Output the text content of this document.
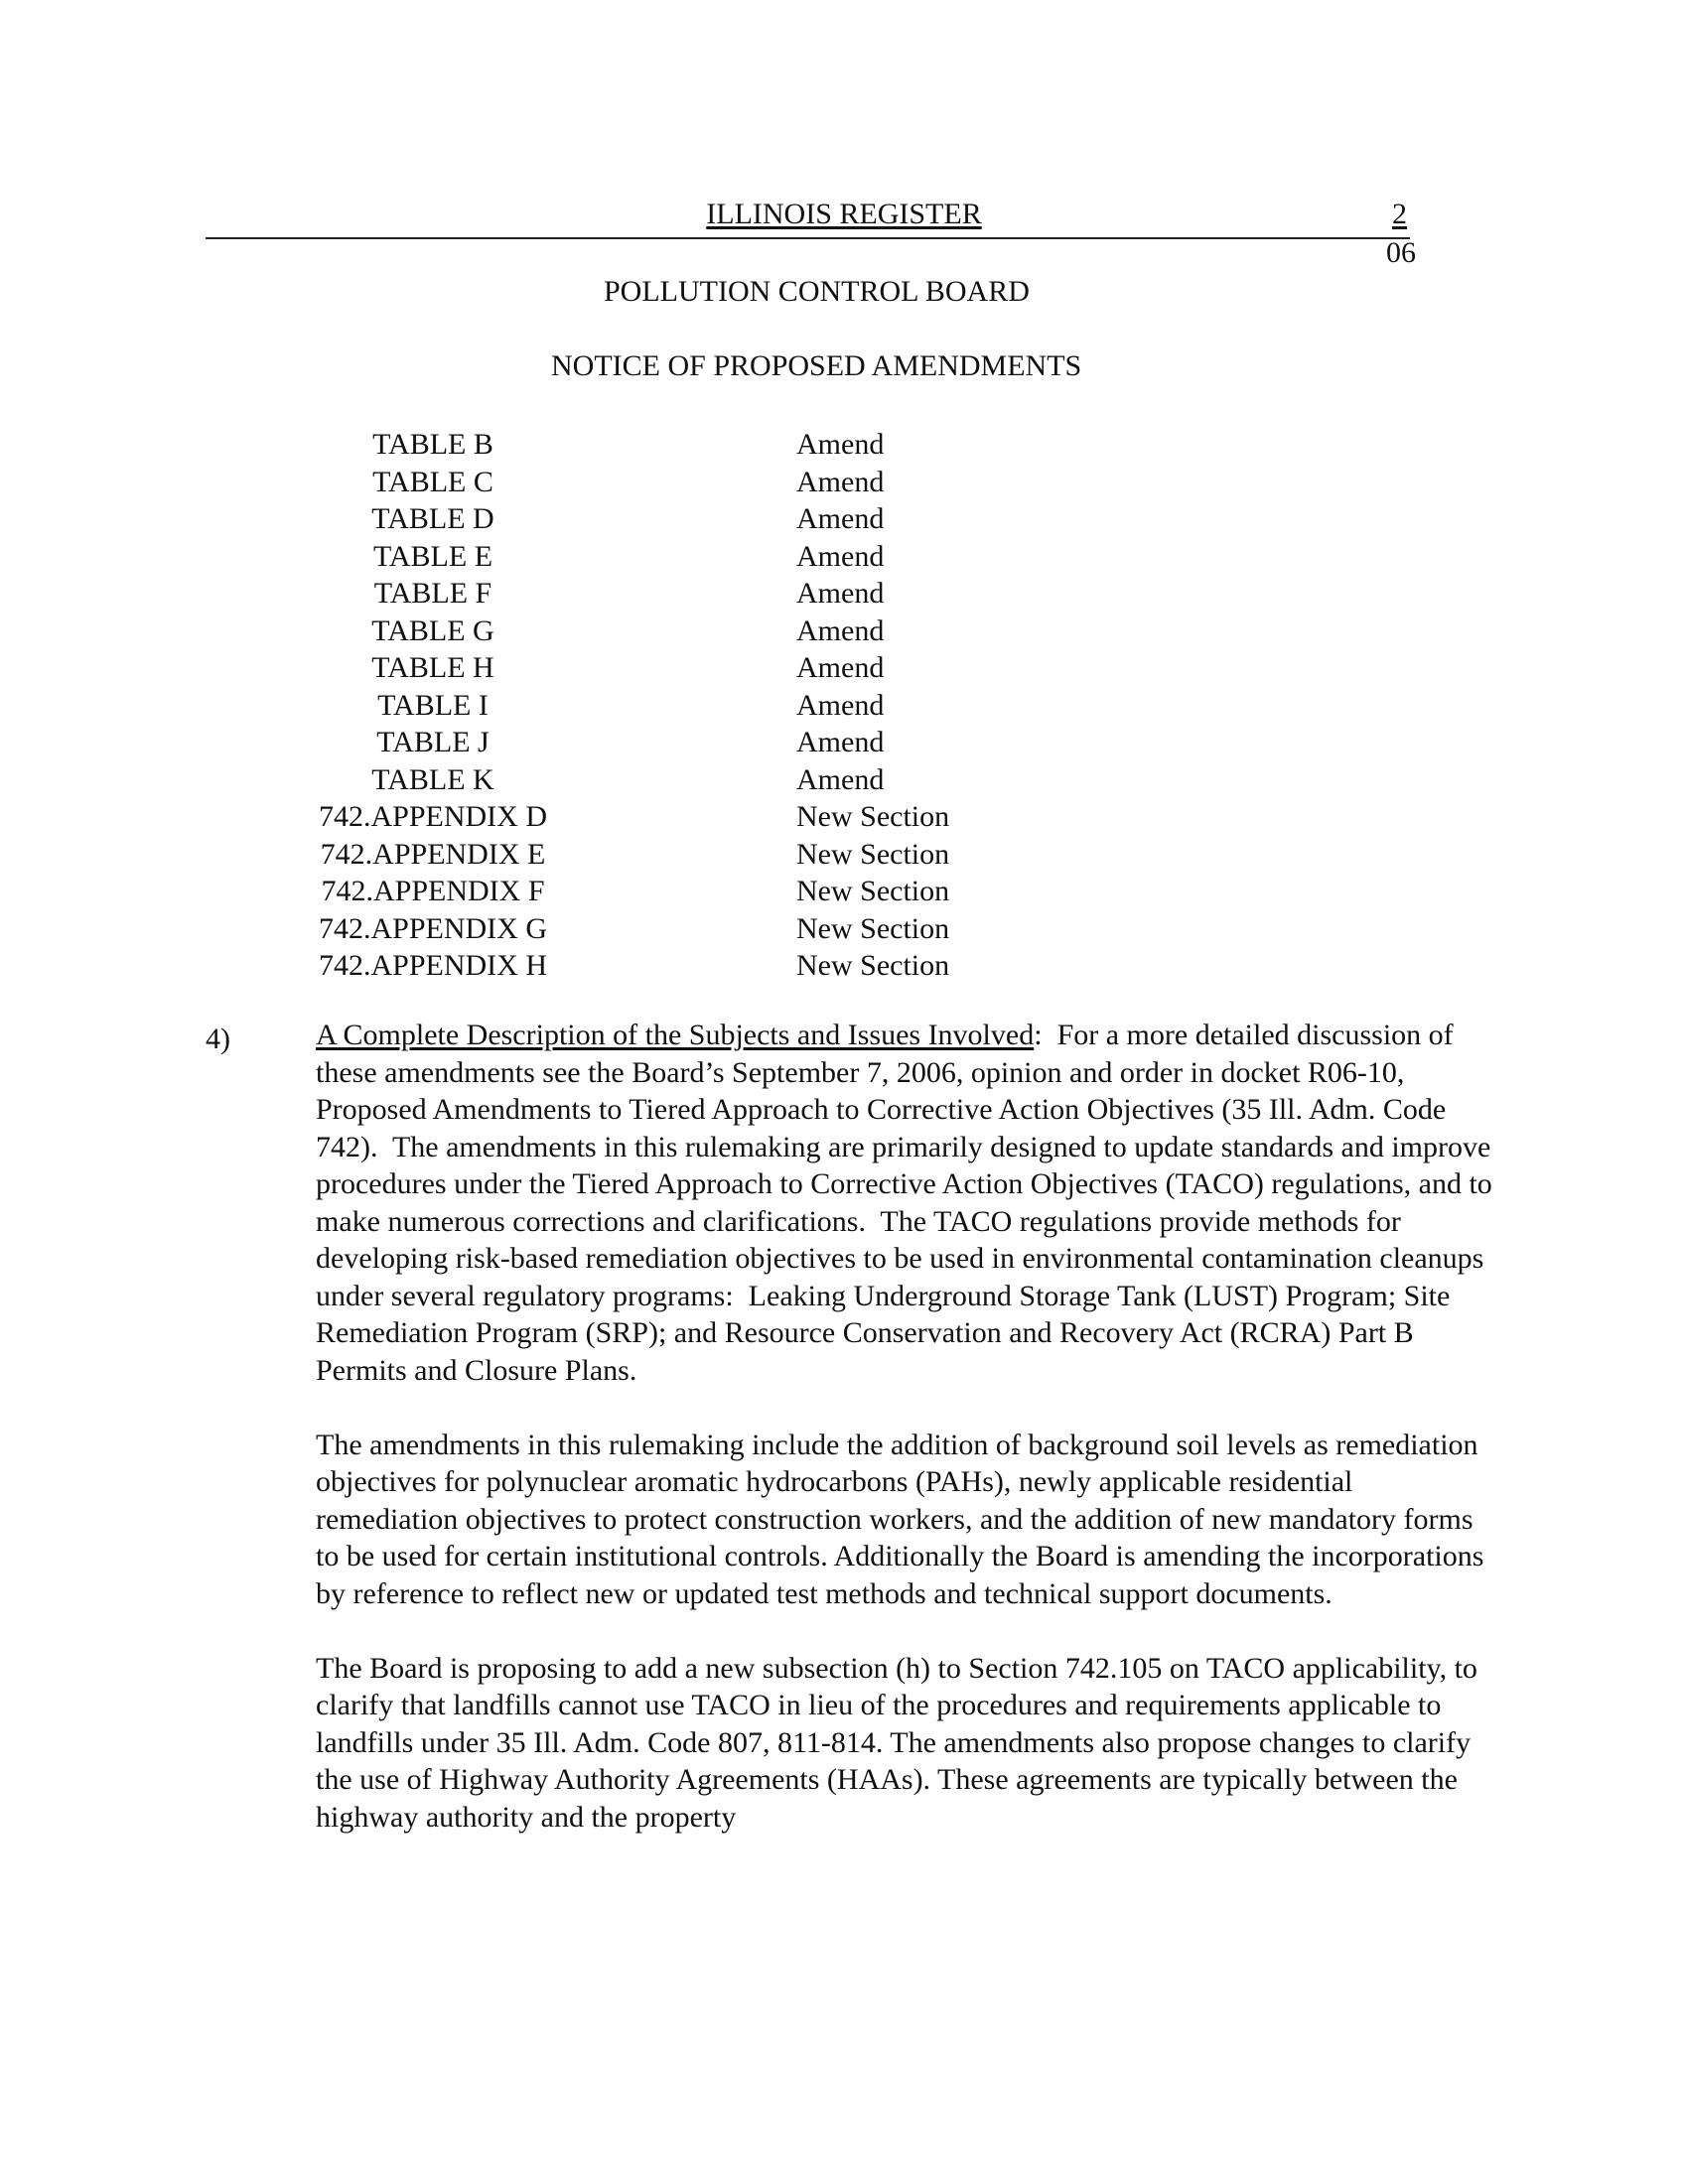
ILLINOIS REGISTER	2
06
POLLUTION CONTROL BOARD
NOTICE OF PROPOSED AMENDMENTS
TABLE B	Amend
TABLE C	Amend
TABLE D	Amend
TABLE E	Amend
TABLE F	Amend
TABLE G	Amend
TABLE H	Amend
TABLE I	Amend
TABLE J	Amend
TABLE K	Amend
742.APPENDIX D	New Section
742.APPENDIX E	New Section
742.APPENDIX F	New Section
742.APPENDIX G	New Section
742.APPENDIX H	New Section
4)	A Complete Description of the Subjects and Issues Involved:  For a more detailed discussion of these amendments see the Board’s September 7, 2006, opinion and order in docket R06-10, Proposed Amendments to Tiered Approach to Corrective Action Objectives (35 Ill. Adm. Code 742).  The amendments in this rulemaking are primarily designed to update standards and improve procedures under the Tiered Approach to Corrective Action Objectives (TACO) regulations, and to make numerous corrections and clarifications.  The TACO regulations provide methods for developing risk-based remediation objectives to be used in environmental contamination cleanups under several regulatory programs:  Leaking Underground Storage Tank (LUST) Program; Site Remediation Program (SRP); and Resource Conservation and Recovery Act (RCRA) Part B Permits and Closure Plans.

The amendments in this rulemaking include the addition of background soil levels as remediation objectives for polynuclear aromatic hydrocarbons (PAHs), newly applicable residential remediation objectives to protect construction workers, and the addition of new mandatory forms to be used for certain institutional controls. Additionally the Board is amending the incorporations by reference to reflect new or updated test methods and technical support documents.

The Board is proposing to add a new subsection (h) to Section 742.105 on TACO applicability, to clarify that landfills cannot use TACO in lieu of the procedures and requirements applicable to landfills under 35 Ill. Adm. Code 807, 811-814. The amendments also propose changes to clarify the use of Highway Authority Agreements (HAAs). These agreements are typically between the highway authority and the property
